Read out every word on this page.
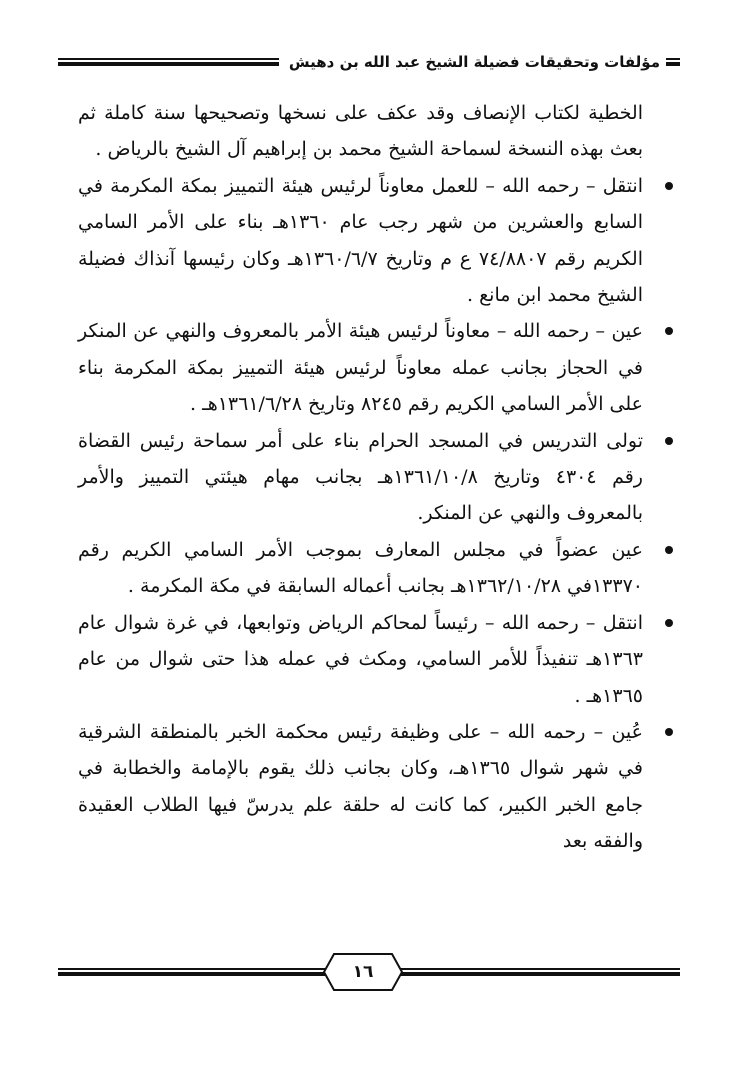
مؤلفات وتحقيقات فضيلة الشيخ عبد الله بن دهيش

الخطية لكتاب الإنصاف وقد عكف على نسخها وتصحيحها سنة كاملة ثم بعث بهذه النسخة لسماحة الشيخ محمد بن إبراهيم آل الشيخ بالرياض .

انتقل – رحمه الله – للعمل معاوناً لرئيس هيئة التمييز بمكة المكرمة في السابع والعشرين من شهر رجب عام ١٣٦٠هـ بناء على الأمر السامي الكريم رقم ٧٤/٨٨٠٧ ع م وتاريخ ١٣٦٠/٦/٧هـ وكان رئيسها آنذاك فضيلة الشيخ محمد ابن مانع .
عين – رحمه الله – معاوناً لرئيس هيئة الأمر بالمعروف والنهي عن المنكر في الحجاز بجانب عمله معاوناً لرئيس هيئة التمييز بمكة المكرمة بناء على الأمر السامي الكريم رقم ٨٢٤٥ وتاريخ ١٣٦١/٦/٢٨هـ .
تولى التدريس في المسجد الحرام بناء على أمر سماحة رئيس القضاة رقم ٤٣٠٤ وتاريخ ١٣٦١/١٠/٨هـ بجانب مهام هيئتي التمييز والأمر بالمعروف والنهي عن المنكر.
عين عضواً في مجلس المعارف بموجب الأمر السامي الكريم رقم ١٣٣٧٠في ١٣٦٢/١٠/٢٨هـ بجانب أعماله السابقة في مكة المكرمة .
انتقل – رحمه الله – رئيساً لمحاكم الرياض وتوابعها، في غرة شوال عام ١٣٦٣هـ تنفيذاً للأمر السامي، ومكث في عمله هذا حتى شوال من عام ١٣٦٥هـ .
عُين – رحمه الله – على وظيفة رئيس محكمة الخبر بالمنطقة الشرقية في شهر شوال ١٣٦٥هـ، وكان بجانب ذلك يقوم بالإمامة والخطابة في جامع الخبر الكبير، كما كانت له حلقة علم يدرسّ فيها الطلاب العقيدة والفقه بعد
١٦
